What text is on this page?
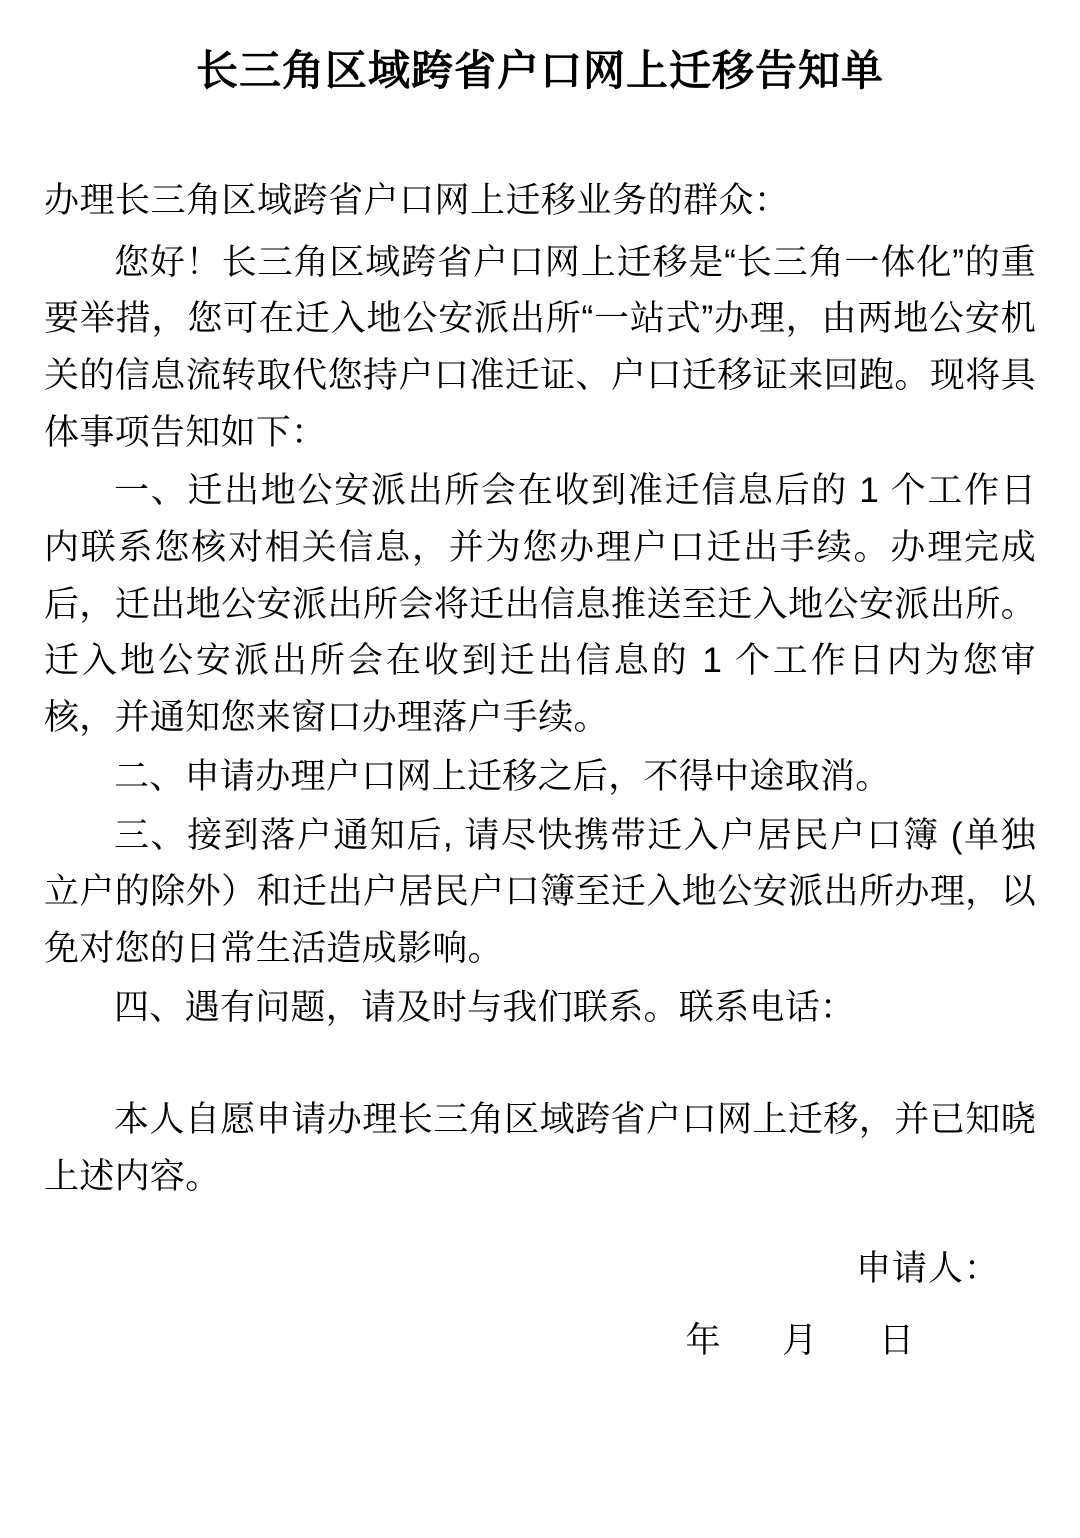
长三角区域跨省户口网上迁移告知单
办理长三角区域跨省户口网上迁移业务的群众：

您好！长三角区域跨省户口网上迁移是“长三角一体化”的重要举措，您可在迁入地公安派出所“一站式”办理，由两地公安机关的信息流转取代您持户口准迁证、户口迁移证来回跑。现将具体事项告知如下：

一、迁出地公安派出所会在收到准迁信息后的 1 个工作日内联系您核对相关信息，并为您办理户口迁出手续。办理完成后，迁出地公安派出所会将迁出信息推送至迁入地公安派出所。迁入地公安派出所会在收到迁出信息的 1 个工作日内为您审核，并通知您来窗口办理落户手续。

二、申请办理户口网上迁移之后，不得中途取消。

三、接到落户通知后, 请尽快携带迁入户居民户口簿 (单独立户的除外）和迁出户居民户口簿至迁入地公安派出所办理，以免对您的日常生活造成影响。

四、遇有问题，请及时与我们联系。联系电话：

本人自愿申请办理长三角区域跨省户口网上迁移，并已知晓上述内容。

申请人：
年 月 日
